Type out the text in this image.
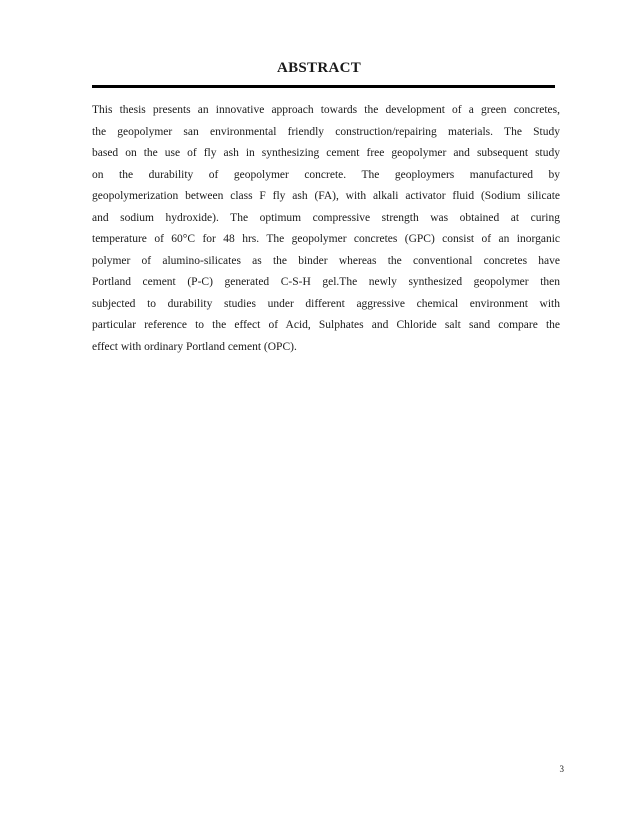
ABSTRACT
This thesis presents an innovative approach towards the development of a green concretes,
the geopolymer san environmental friendly construction/repairing materials. The Study
based on the use of fly ash in synthesizing cement free geopolymer and subsequent study
on the durability of geopolymer concrete. The geoploymers manufactured by
geopolymerization between class F fly ash (FA), with alkali activator fluid (Sodium silicate
and sodium hydroxide). The optimum compressive strength was obtained at curing
temperature of 60°C for 48 hrs. The geopolymer concretes (GPC) consist of an inorganic
polymer of alumino-silicates as the binder whereas the conventional concretes have
Portland cement (P-C) generated C-S-H gel.The newly synthesized geopolymer then
subjected to durability studies under different aggressive chemical environment with
particular reference to the effect of Acid, Sulphates and Chloride salt sand compare the
effect with ordinary Portland cement (OPC).
3
